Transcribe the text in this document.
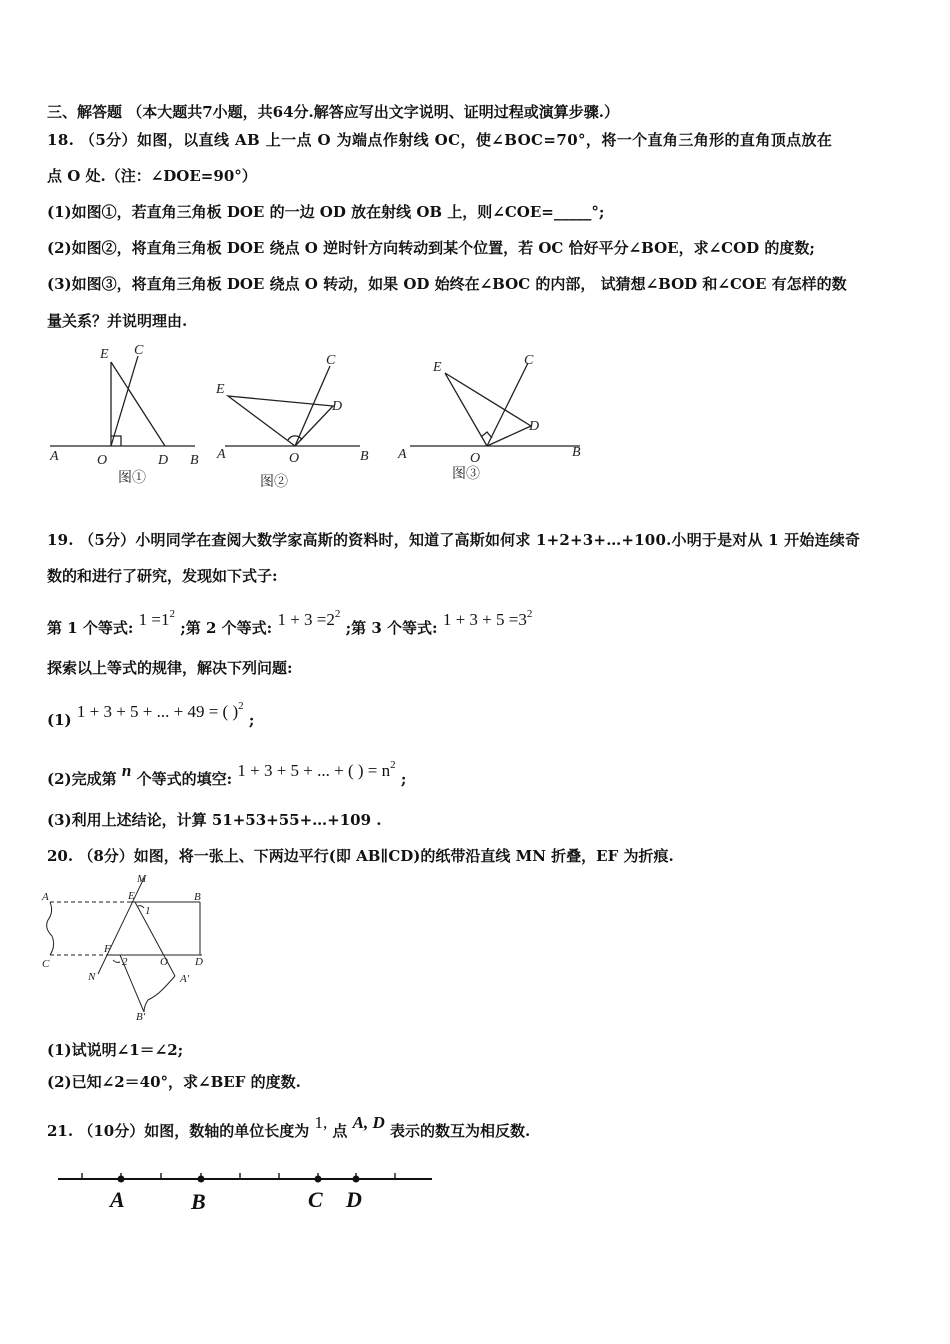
三、解答题 （本大题共7小题，共64分.解答应写出文字说明、证明过程或演算步骤.）
18. （5分）如图，以直线 AB 上一点 O 为端点作射线 OC，使∠BOC=70°，将一个直角三角形的直角顶点放在
点 O 处.（注：∠DOE=90°）
(1)如图①，若直角三角板 DOE 的一边 OD 放在射线 OB 上，则∠COE=_____°;
(2)如图②，将直角三角板 DOE 绕点 O 逆时针方向转动到某个位置，若 OC 恰好平分∠BOE，求∠COD 的度数;
(3)如图③，将直角三角板 DOE 绕点 O 转动，如果 OD 始终在∠BOC 的内部， 试猜想∠BOD 和∠COE 有怎样的数
量关系？并说明理由.
E C
A	O	D B
E
C
D
A	O	B
E	C
D
A	O	B
图①	图②
图③
19. （5分）小明同学在查阅大数学家高斯的资料时，知道了高斯如何求 1+2+3+…+100.小明于是对从 1 开始连续奇
数的和进行了研究，发现如下式子:
第 1 个等式: $1 =1^2$ ;第 2 个等式: $1 + 3 =2^2$ ;第 3 个等式: $1 + 3 + 5 =3^2$
探索以上等式的规律，解决下列问题:
(1) 1 + 3 + 5 + ... + 49 = ( )$^2$ ;
(2)完成第 n 个等式的填空: 1 + 3 + 5 + ... + ( ) = $n^2$ ;
(3)利用上述结论，计算 51+53+55+…+109 .
20. （8分）如图，将一张上、下两边平行(即 AB∥CD)的纸带沿直线 MN 折叠，EF 为折痕.
A	B
C	D
E
F
M
N
O
A'
B'
1
2
(1)试说明∠1＝∠2;
(2)已知∠2＝40°，求∠BEF 的度数.
21. （10分）如图，数轴的单位长度为 1, 点 A, D 表示的数互为相反数.
A	B	C D
